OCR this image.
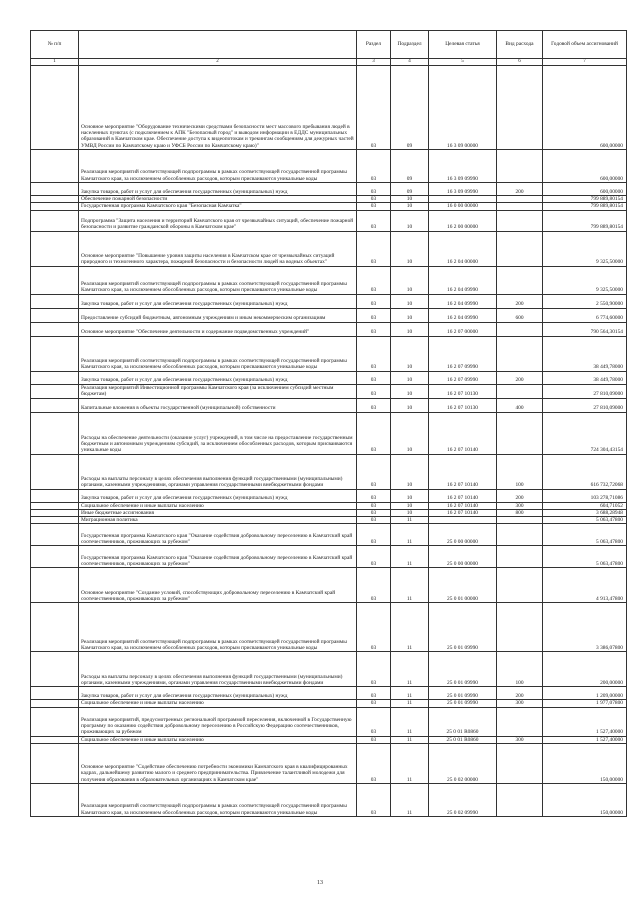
№ п/п		Раздел	Подраздел	Целевая статья	Вид расхода	Годовой объем ассигнований
1	2	3	4	5	6	7
	Основное мероприятие "Оборудование техническими средствами безопасности мест массового пребывания людей в населенных пунктах (с подключением к АПК "Безопасный город" и выводом информации в ЕДДС муниципальных образований в Камчатском крае. Обеспечение доступа к видеопотокам и трекингам сообщениям для дежурных частей УМВД России по Камчатскому краю и УФСБ России по Камчатскому краю)"	03	09	16 3 09 00000		600,00000
	Реализация мероприятий соответствующей подпрограммы в рамках соответствующей государственной программы Камчатского края, за исключением обособленных расходов, которым присваиваются уникальные коды	03	09	16 3 09 09990		600,00000
	Закупка товаров, работ и услуг для обеспечения государственных (муниципальных) нужд	03	09	16 3 09 09990	200	600,00000
	Обеспечение пожарной безопасности	03	10			799 889,80154
	Государственная программа Камчатского края "Безопасная Камчатка"	03	10	16 0 00 00000		799 889,80154
	Подпрограмма "Защита населения и территорий Камчатского края от чрезвычайных ситуаций, обеспечение пожарной безопасности и развитие гражданской обороны в Камчатском крае"	03	10	16 2 00 00000		799 889,80154
	Основное мероприятие "Повышение уровня защиты населения в Камчатском крае от чрезвычайных ситуаций природного и техногенного характера, пожарной безопасности и безопасности людей на водных объектах"	03	10	16 2 04 00000		9 325,50000
	Реализация мероприятий соответствующей подпрограммы в рамках соответствующей государственной программы Камчатского края, за исключением обособленных расходов, которым присваиваются уникальные коды	03	10	16 2 04 09990		9 325,50000
	Закупка товаров, работ и услуг для обеспечения государственных (муниципальных) нужд	03	10	16 2 04 09990	200	2 550,90000
	Предоставление субсидий бюджетным, автономным учреждениям и иным некоммерческим организациям	03	10	16 2 04 09990	600	6 774,60000
	Основное мероприятие "Обеспечение деятельности и содержание подведомственных учреждений"	03	10	16 2 07 00000		790 564,30154
	Реализация мероприятий соответствующей подпрограммы в рамках соответствующей государственной программы Камчатского края, за исключением обособленных расходов, которым присваиваются уникальные коды	03	10	16 2 07 09990		38 449,78000
	Закупка товаров, работ и услуг для обеспечения государственных (муниципальных) нужд	03	10	16 2 07 09990	200	38 449,78000
	Реализация мероприятий Инвестиционной программы Камчатского края (за исключением субсидий местным бюджетам)	03	10	16 2 07 10130		27 810,09000
	Капитальные вложения в объекты государственной (муниципальной) собственности	03	10	16 2 07 10130	400	27 810,09000
	Расходы на обеспечение деятельности (оказание услуг) учреждений, в том числе на предоставление государственным бюджетным и автономным учреждениям субсидий, за исключением обособленных расходов, которым присваиваются уникальные коды	03	10	16 2 07 10140		724 304,43154
	Расходы на выплаты персоналу в целях обеспечения выполнения функций государственными (муниципальными) органами, казенными учреждениями, органами управления государственными внебюджетными фондами	03	10	16 2 07 10140	100	616 732,72068
	Закупка товаров, работ и услуг для обеспечения государственных (муниципальных) нужд	03	10	16 2 07 10140	200	103 278,71086
	Социальное обеспечение и иные выплаты населению	03	10	16 2 07 10140	300	604,71052
	Иные бюджетные ассигнования	03	10	16 2 07 10140	800	3 688,28948
	Миграционная политика	03	11			5 063,47800
	Государственная программа Камчатского края "Оказание содействия добровольному переселению в Камчатский край соотечественников, проживающих за рубежом"	03	11	25 0 00 00000		5 063,47800
	Государственная программа Камчатского края "Оказание содействия добровольному переселению в Камчатский край соотечественников, проживающих за рубежом"	03	11	25 0 00 00000		5 063,47800
	Основное мероприятие "Создание условий, способствующих добровольному переселению в Камчатский край соотечественников, проживающих за рубежом"	03	11	25 0 01 00000		4 913,47800
	Реализация мероприятий соответствующей подпрограммы в рамках соответствующей государственной программы Камчатского края, за исключением обособленных расходов, которым присваиваются уникальные коды	03	11	25 0 01 09990		3 386,07800
	Расходы на выплаты персоналу в целях обеспечения выполнения функций государственными (муниципальными) органами, казенными учреждениями, органами управления государственными внебюджетными фондами	03	11	25 0 01 09990	100	200,00000
	Закупка товаров, работ и услуг для обеспечения государственных (муниципальных) нужд	03	11	25 0 01 09990	200	1 209,00000
	Социальное обеспечение и иные выплаты населению	03	11	25 0 01 09990	300	1 977,07800
	Реализация мероприятий, предусмотренных региональной программой переселения, включенной в Государственную программу по оказанию содействия добровольному переселению в Российскую Федерацию соотечественников, проживающих за рубежом	03	11	25 0 01 R0860		1 527,40000
	Социальное обеспечение и иные выплаты населению	03	11	25 0 01 R0860	300	1 527,40000
	Основное мероприятие "Содействие обеспечению потребности экономики Камчатского края в квалифицированных кадрах, дальнейшему развитию малого и среднего предпринимательства. Привлечение талантливой молодежи для получения образования в образовательных организациях в Камчатском крае"	03	11	25 0 02 00000		150,00000
	Реализация мероприятий соответствующей подпрограммы в рамках соответствующей государственной программы Камчатского края, за исключением обособленных расходов, которым присваиваются уникальные коды	03	11	25 0 02 09990		150,00000
13
